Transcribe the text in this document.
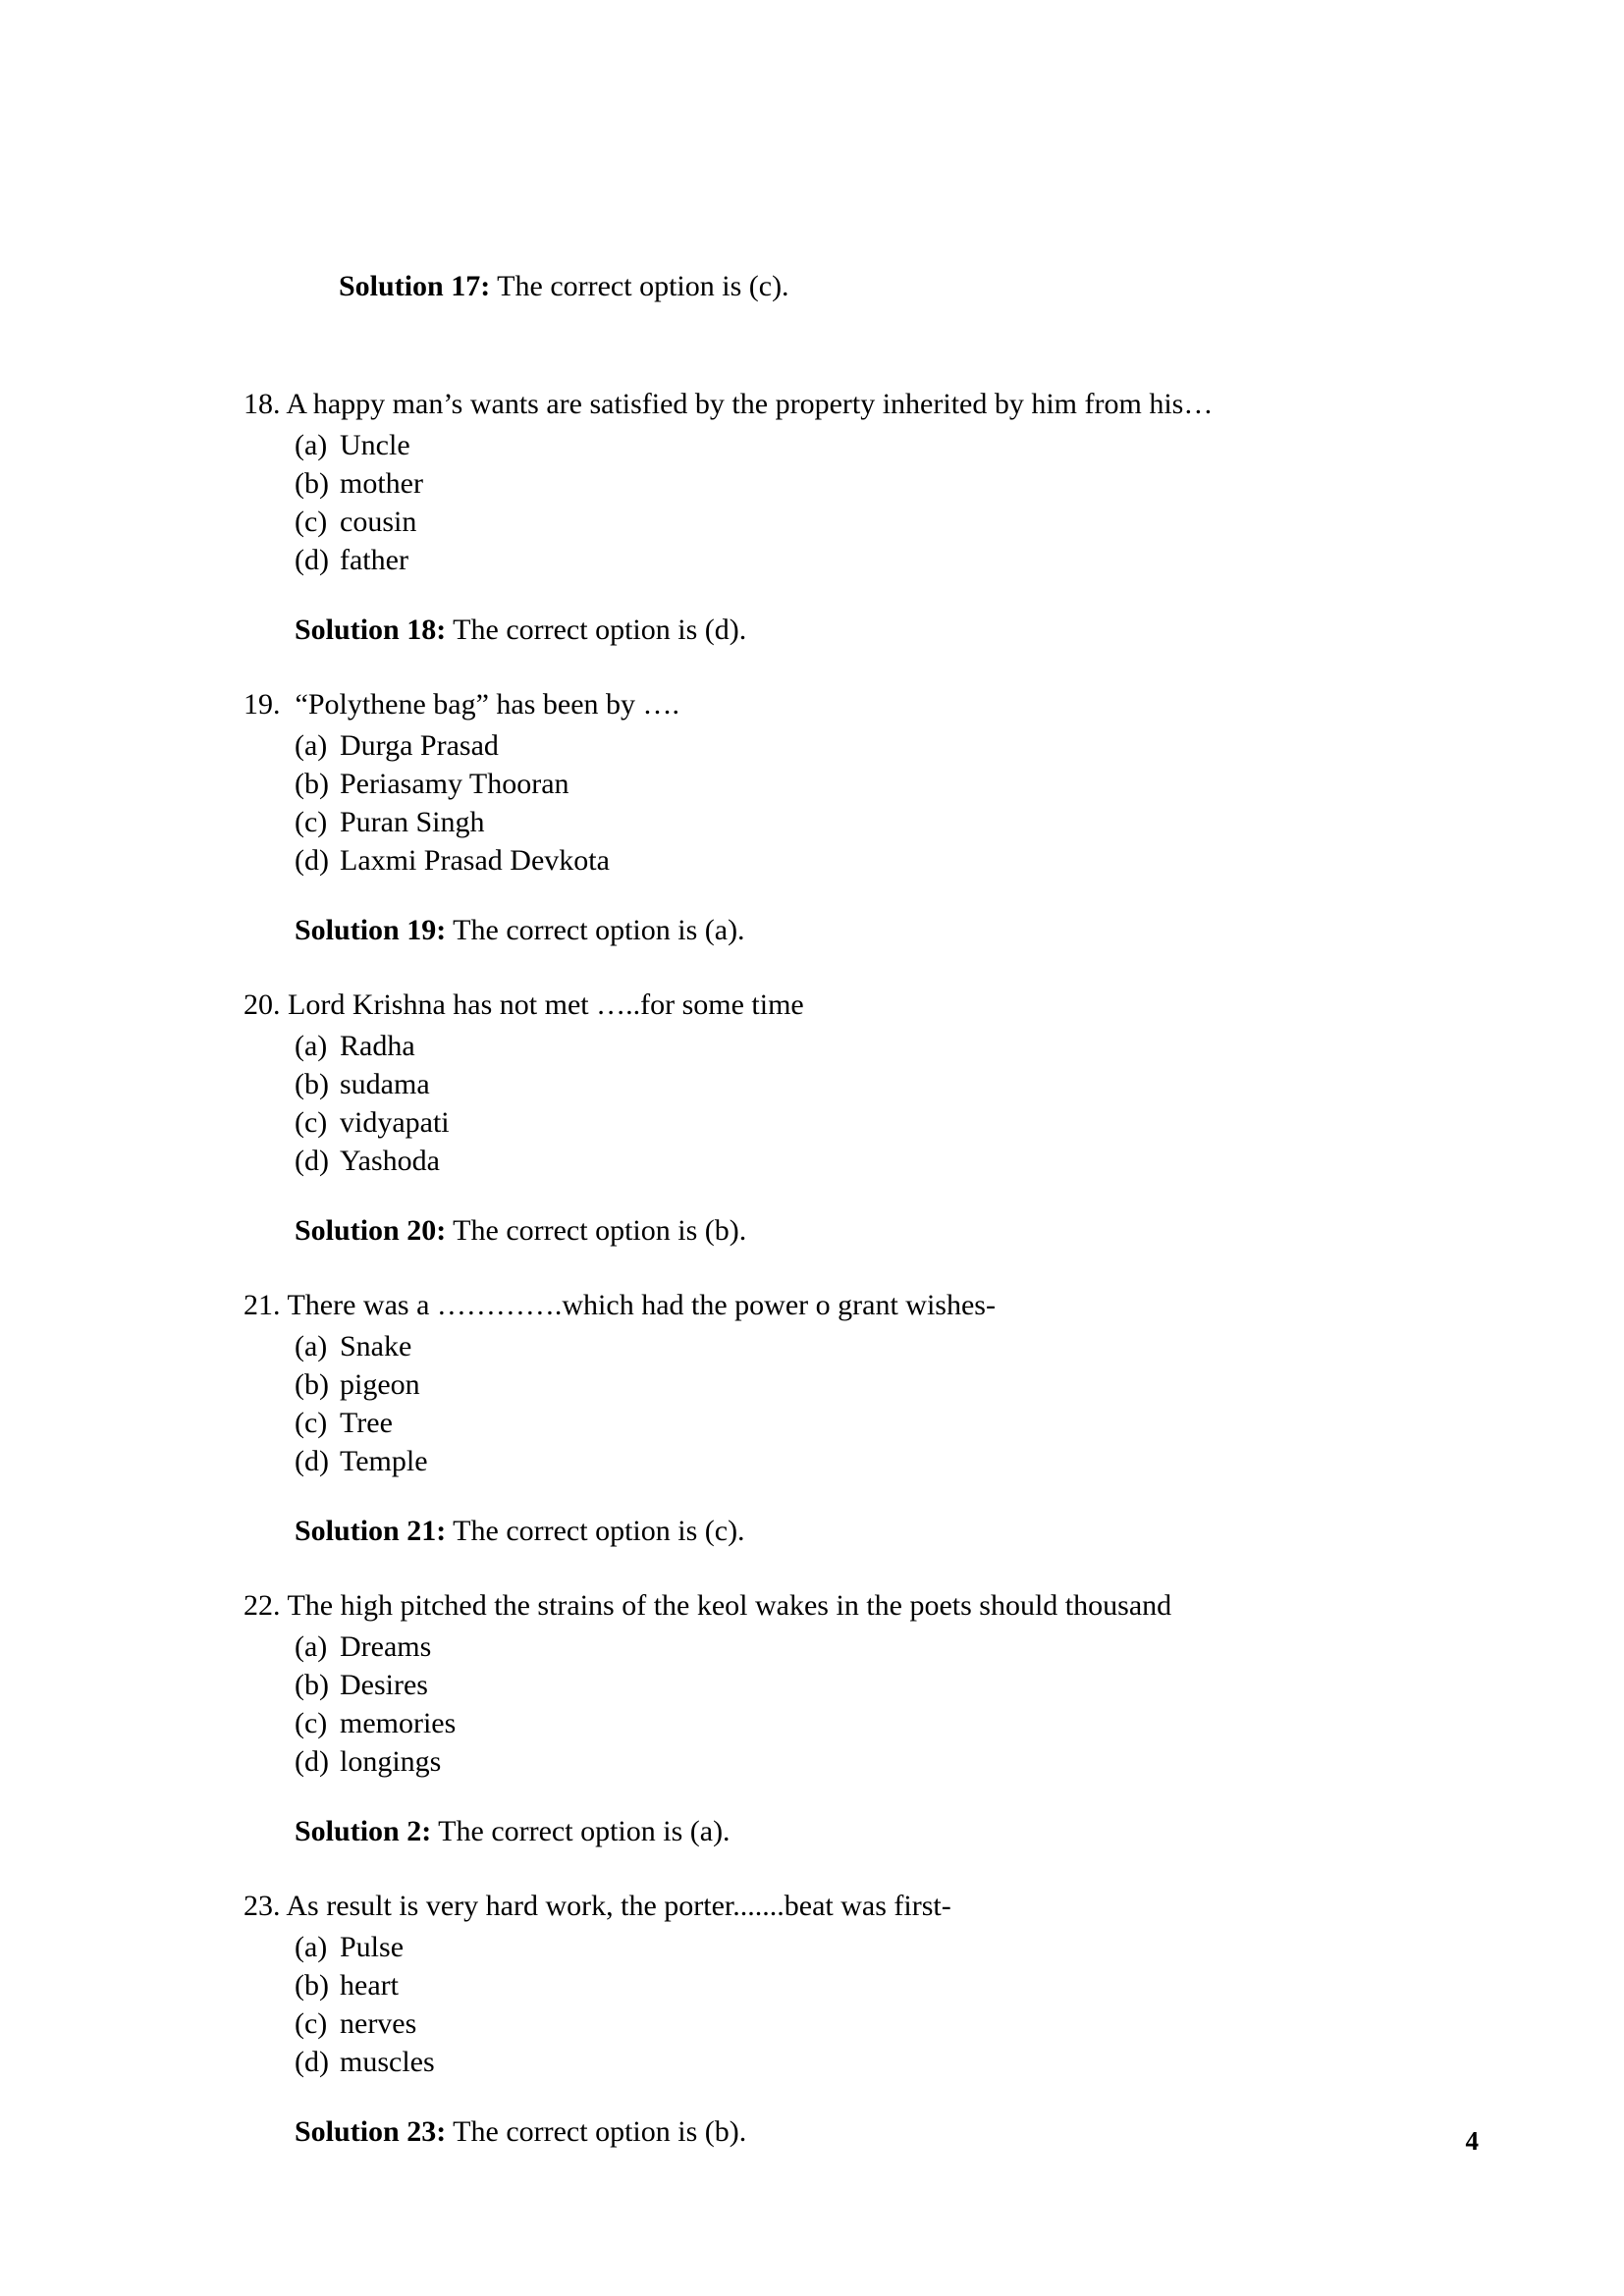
Solution 17: The correct option is (c).

18. A happy man’s wants are satisfied by the property inherited by him from his…

(a) Uncle
(b) mother
(c) cousin
(d) father

Solution 18: The correct option is (d).

19. “Polythene bag” has been by ….

(a) Durga Prasad
(b) Periasamy Thooran
(c) Puran Singh
(d) Laxmi Prasad Devkota

Solution 19: The correct option is (a).

20. Lord Krishna has not met …..for some time

(a) Radha
(b) sudama
(c) vidyapati
(d) Yashoda

Solution 20: The correct option is (b).

21. There was a ………….which had the power o grant wishes-

(a) Snake
(b) pigeon
(c) Tree
(d) Temple

Solution 21: The correct option is (c).

22. The high pitched the strains of the keol wakes in the poets should thousand

(a) Dreams
(b) Desires
(c) memories
(d) longings

Solution 2: The correct option is (a).

23. As result is very hard work, the porter.......beat was first-

(a) Pulse
(b) heart
(c) nerves
(d) muscles

Solution 23: The correct option is (b).	4
